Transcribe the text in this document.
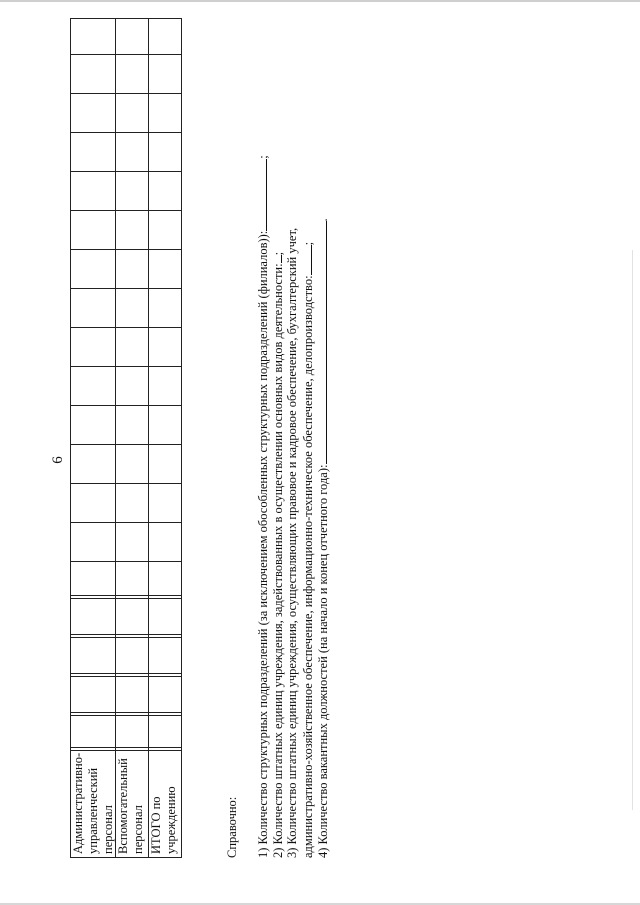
6
Административно-управленческий персонал Вспомогательный персонал ИТОГО по учреждению	Справочно: 1) Количество структурных подразделений (за исключением обособленных структурных подразделений (филиалов)):;
2) Количество штатных единиц учреждения, задействованных в осуществлении основных видов деятельности:; 3) Количество штатных единиц учреждения, осуществляющих правовое и кадровое обеспечение, бухгалтерский учет, административно-хозяйственное обеспечение, информационно-техническое обеспечение, делопроизводство:;
4) Количество вакантных должностей (на начало и конец отчетного года):.
